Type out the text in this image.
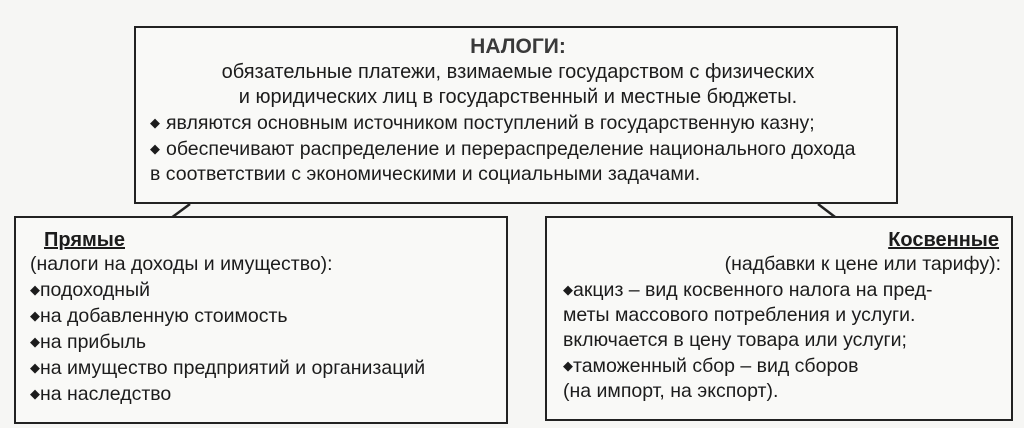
НАЛОГИ:
обязательные платежи, взимаемые государством с физических
и юридических лиц в государственный и местные бюджеты.
◆ являются основным источником поступлений в государственную казну;
◆ обеспечивают распределение и перераспределение национального дохода
в соответствии с экономическими и социальными задачами.
Прямые
(налоги на доходы и имущество):
◆подоходный
◆на добавленную стоимость
◆на прибыль
◆на имущество предприятий и организаций
◆на наследство
Косвенные
(надбавки к цене или тарифу):
◆акциз – вид косвенного налога на пред-
меты массового потребления и услуги.
включается в цену товара или услуги;
◆таможенный сбор – вид сборов
(на импорт, на экспорт).
